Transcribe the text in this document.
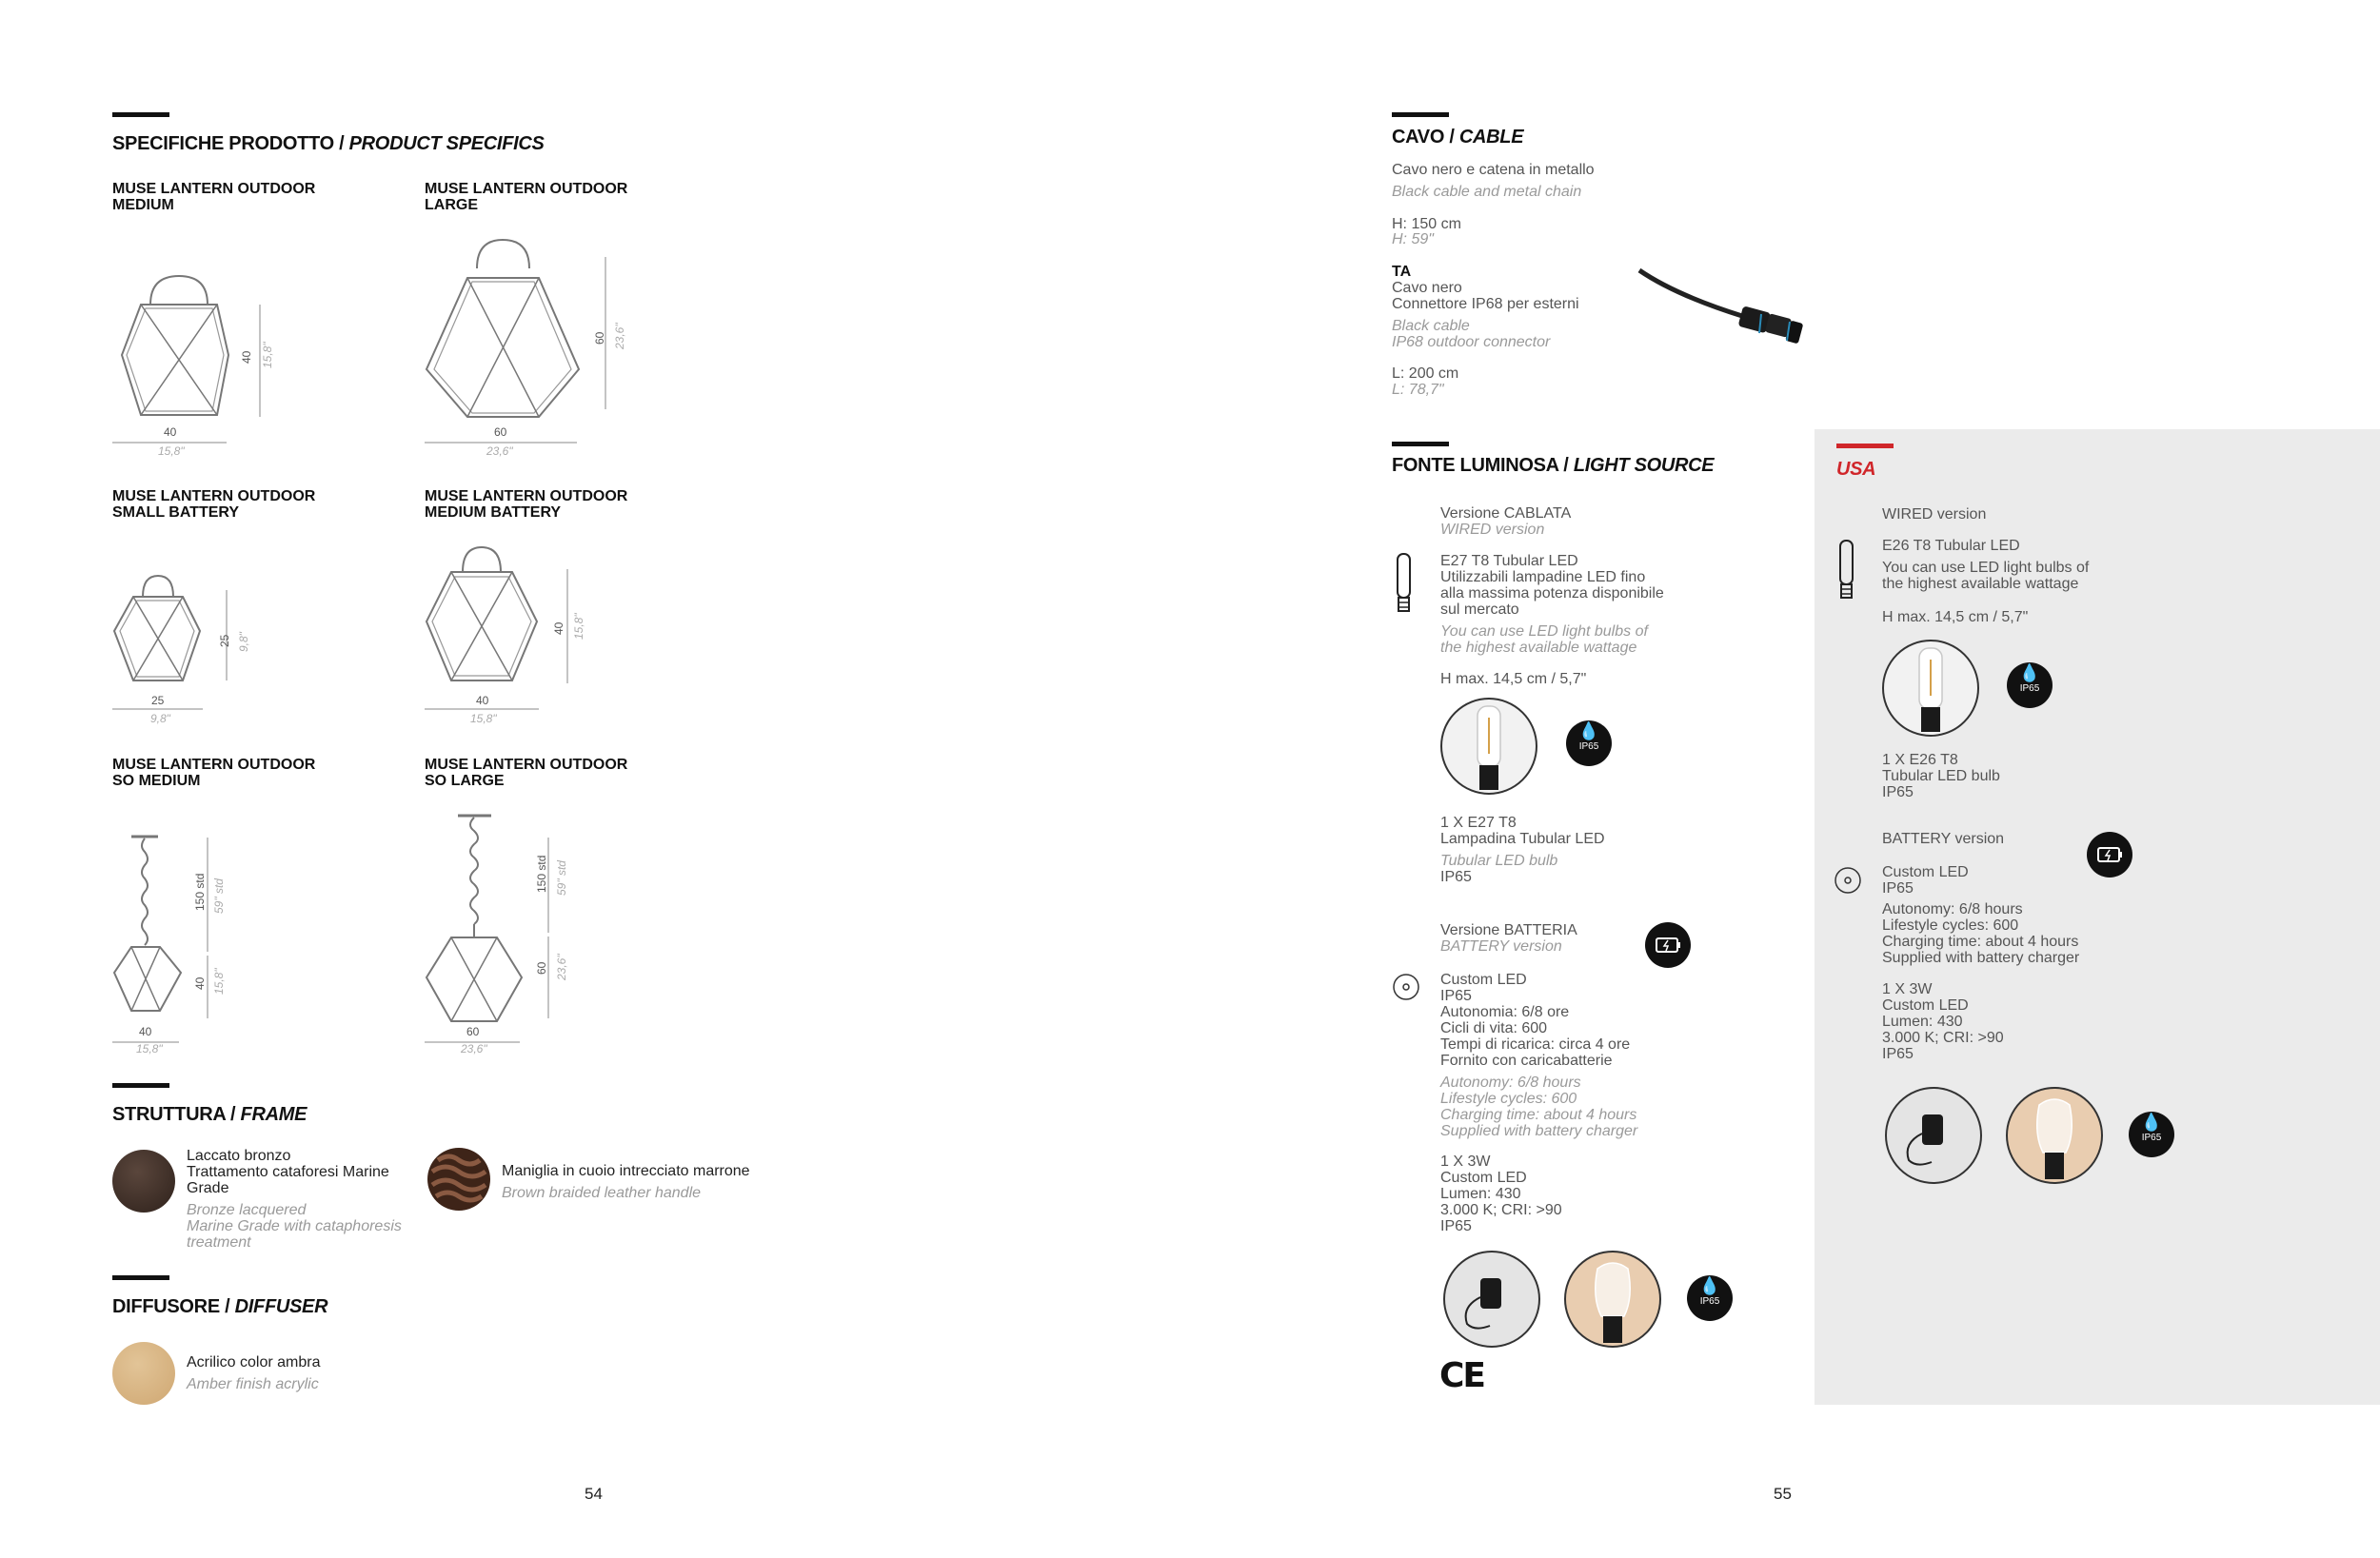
SPECIFICHE PRODOTTO / PRODUCT SPECIFICS
MUSE LANTERN OUTDOOR
MEDIUM
40
15,8"
40 15,8"
MUSE LANTERN OUTDOOR
LARGE
60
23,6"
60 23,6"
MUSE LANTERN OUTDOOR
SMALL BATTERY
25
9,8"
25 9,8"
MUSE LANTERN OUTDOOR
MEDIUM BATTERY
40
15,8"
40 15,8"
MUSE LANTERN OUTDOOR
SO MEDIUM
40
15,8"
150 std 59" std
40 15,8"
MUSE LANTERN OUTDOOR
SO LARGE
60
23,6"
150 std 59" std
60 23,6"
STRUTTURA / FRAME
Laccato bronzo
Trattamento cataforesi Marine
Grade
Bronze lacquered
Marine Grade with cataphoresis
treatment
Maniglia in cuoio intrecciato marrone
Brown braided leather handle
DIFFUSORE / DIFFUSER
Acrilico color ambra
Amber finish acrylic
54
CAVO / CABLE
Cavo nero e catena in metallo
Black cable and metal chain
H: 150 cm
H: 59"
TA
Cavo nero
Connettore IP68 per esterni
Black cable
IP68 outdoor connector
L: 200 cm
L: 78,7"
FONTE LUMINOSA / LIGHT SOURCE
Versione CABLATA
WIRED version
E27 T8 Tubular LED
Utilizzabili lampadine LED fino
alla massima potenza disponibile
sul mercato
You can use LED light bulbs of
the highest available wattage
H max. 14,5 cm / 5,7"
💧
IP65
1 X E27 T8
Lampadina Tubular LED
Tubular LED bulb
IP65
Versione BATTERIA
BATTERY version
Custom LED
IP65
Autonomia: 6/8 ore
Cicli di vita: 600
Tempi di ricarica: circa 4 ore
Fornito con caricabatterie
Autonomy: 6/8 hours
Lifestyle cycles: 600
Charging time: about 4 hours
Supplied with battery charger
1 X 3W
Custom LED
Lumen: 430
3.000 K; CRI: >90
IP65
💧
IP65
CE
USA
WIRED version
E26 T8 Tubular LED
You can use LED light bulbs of
the highest available wattage
H max. 14,5 cm / 5,7"
💧
IP65
1 X E26 T8
Tubular LED bulb
IP65
BATTERY version
Custom LED
IP65
Autonomy: 6/8 hours
Lifestyle cycles: 600
Charging time: about 4 hours
Supplied with battery charger
1 X 3W
Custom LED
Lumen: 430
3.000 K; CRI: >90
IP65
💧
IP65
55
